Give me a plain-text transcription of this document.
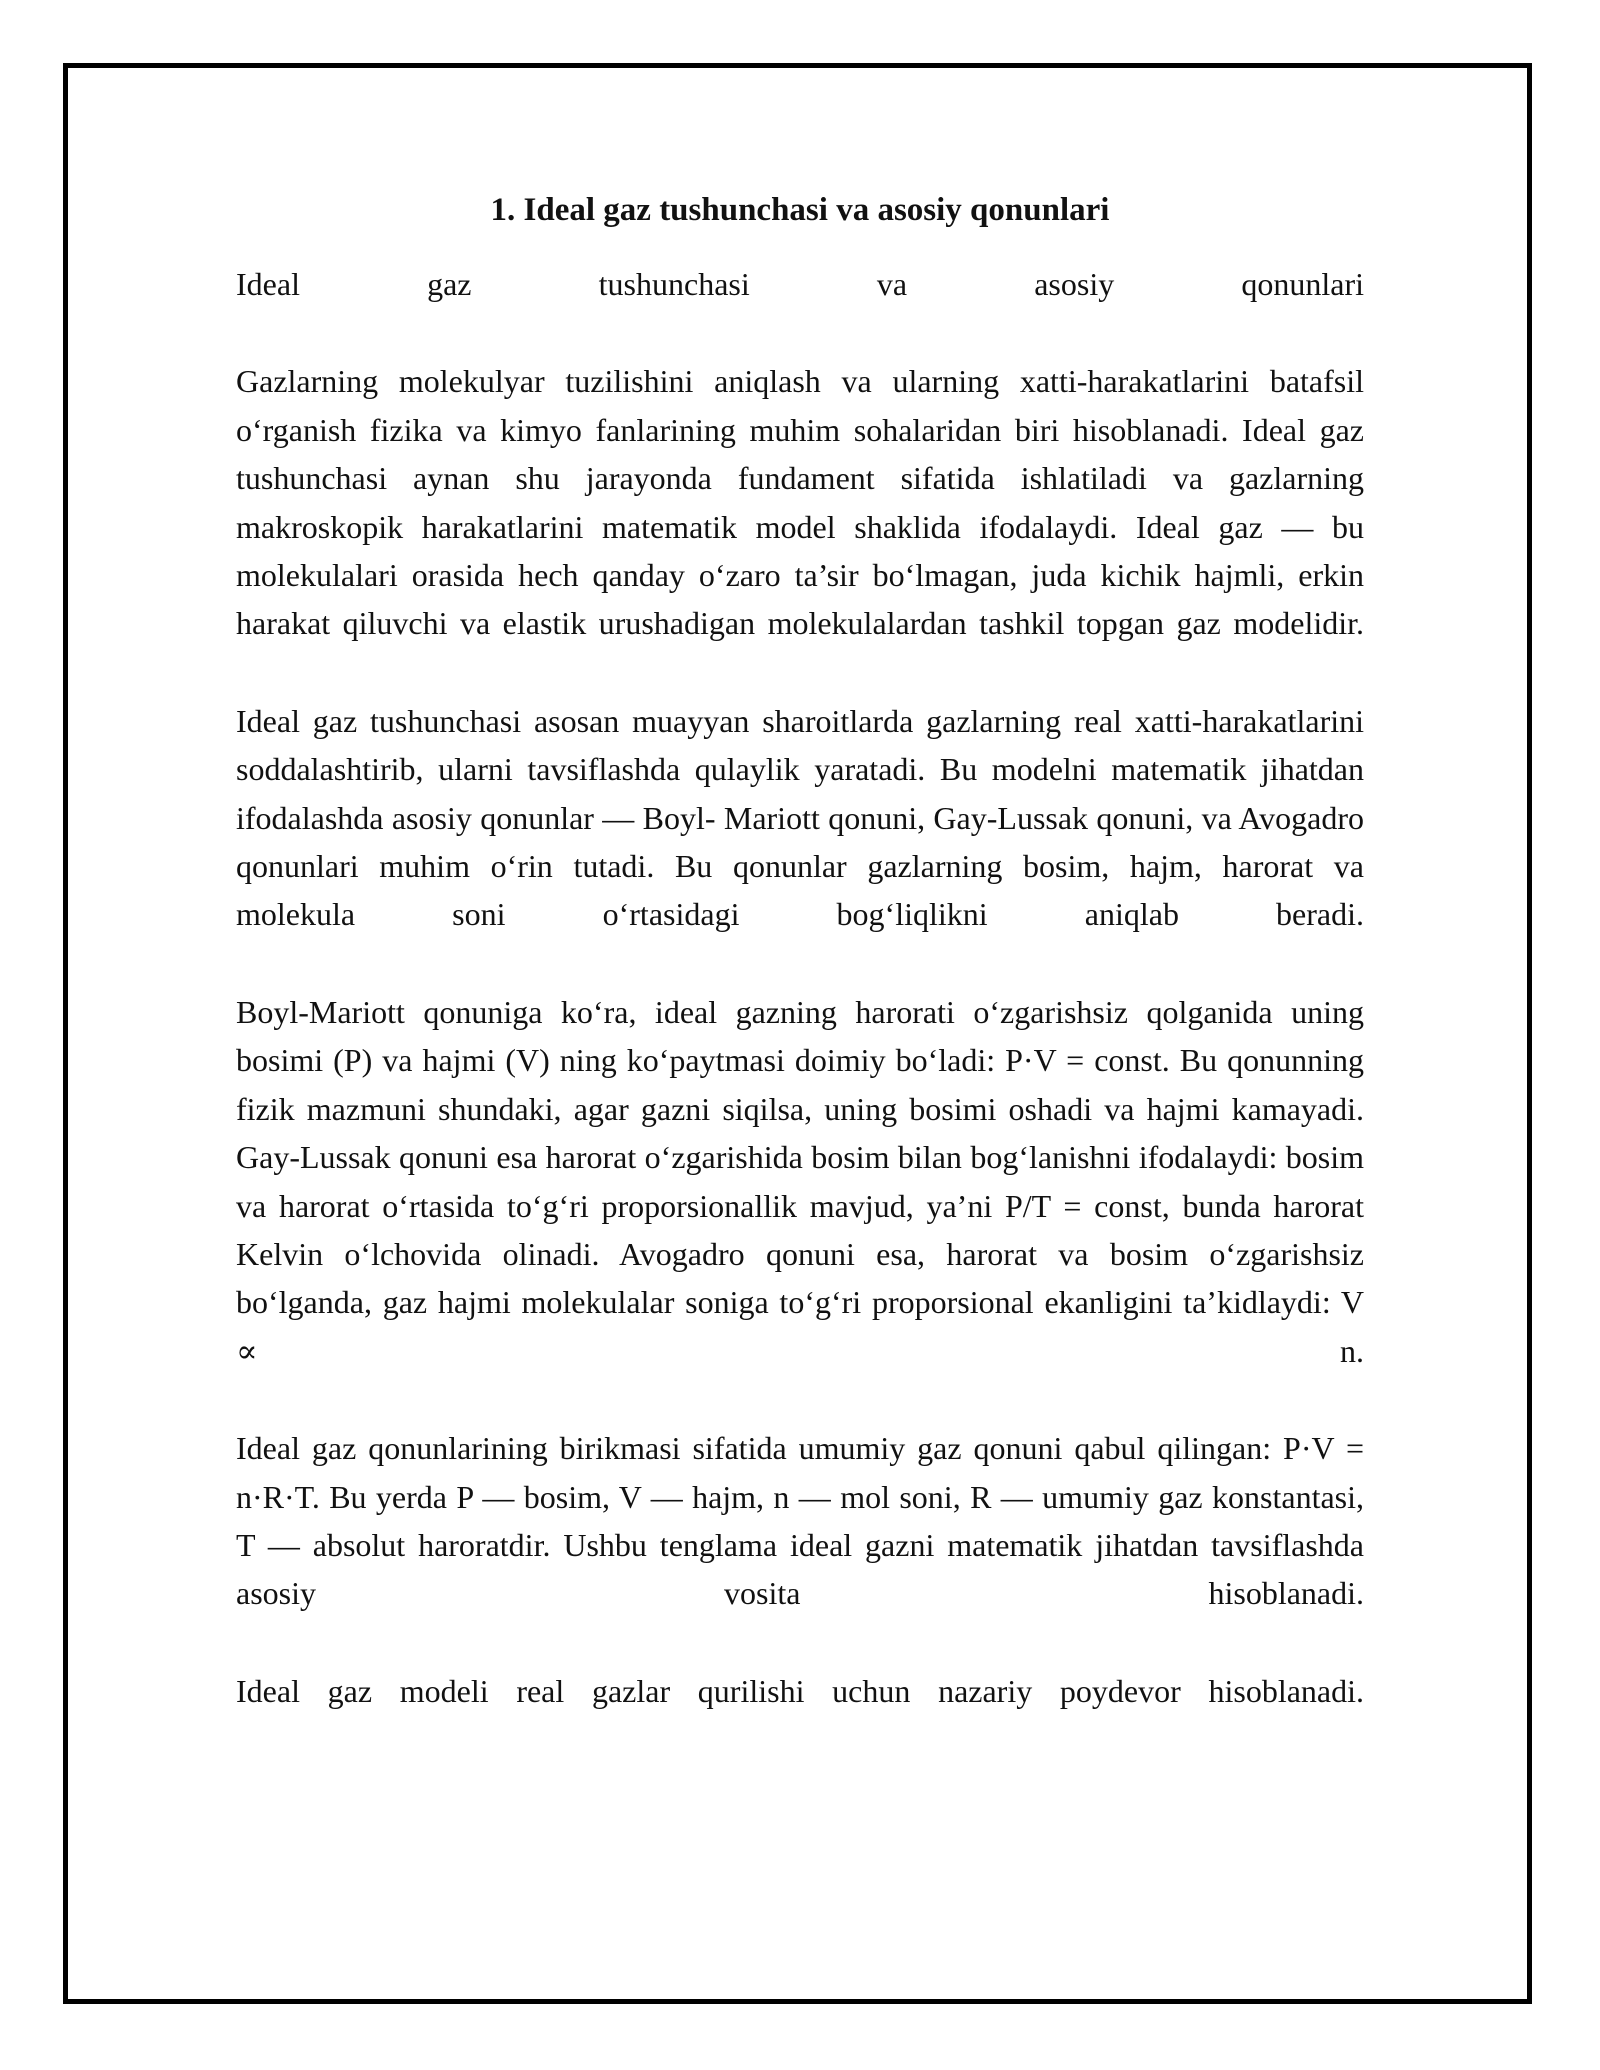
1. Ideal gaz tushunchasi va asosiy qonunlari

Ideal gaz tushunchasi va asosiy qonunlari

Gazlarning molekulyar tuzilishini aniqlash va ularning xatti-harakatlarini batafsil o‘rganish fizika va kimyo fanlarining muhim sohalaridan biri hisoblanadi. Ideal gaz tushunchasi aynan shu jarayonda fundament sifatida ishlatiladi va gazlarning makroskopik harakatlarini matematik model shaklida ifodalaydi. Ideal gaz — bu molekulalari orasida hech qanday o‘zaro ta’sir bo‘lmagan, juda kichik hajmli, erkin harakat qiluvchi va elastik urushadigan molekulalardan tashkil topgan gaz modelidir.

Ideal gaz tushunchasi asosan muayyan sharoitlarda gazlarning real xatti-harakatlarini soddalashtirib, ularni tavsiflashda qulaylik yaratadi. Bu modelni matematik jihatdan ifodalashda asosiy qonunlar — Boyl- Mariott qonuni, Gay-Lussak qonuni, va Avogadro qonunlari muhim o‘rin tutadi. Bu qonunlar gazlarning bosim, hajm, harorat va molekula soni o‘rtasidagi bog‘liqlikni aniqlab beradi.

Boyl-Mariott qonuniga ko‘ra, ideal gazning harorati o‘zgarishsiz qolganida uning bosimi (P) va hajmi (V) ning ko‘paytmasi doimiy bo‘ladi: P·V = const. Bu qonunning fizik mazmuni shundaki, agar gazni siqilsa, uning bosimi oshadi va hajmi kamayadi. Gay-Lussak qonuni esa harorat o‘zgarishida bosim bilan bog‘lanishni ifodalaydi: bosim va harorat o‘rtasida to‘g‘ri proporsionallik mavjud, ya’ni P/T = const, bunda harorat Kelvin o‘lchovida olinadi. Avogadro qonuni esa, harorat va bosim o‘zgarishsiz bo‘lganda, gaz hajmi molekulalar soniga to‘g‘ri proporsional ekanligini ta’kidlaydi: V ∝ n.

Ideal gaz qonunlarining birikmasi sifatida umumiy gaz qonuni qabul qilingan: P·V = n·R·T. Bu yerda P — bosim, V — hajm, n — mol soni, R — umumiy gaz konstantasi, T — absolut haroratdir. Ushbu tenglama ideal gazni matematik jihatdan tavsiflashda asosiy vosita hisoblanadi.

Ideal gaz modeli real gazlar qurilishi uchun nazariy poydevor hisoblanadi.
